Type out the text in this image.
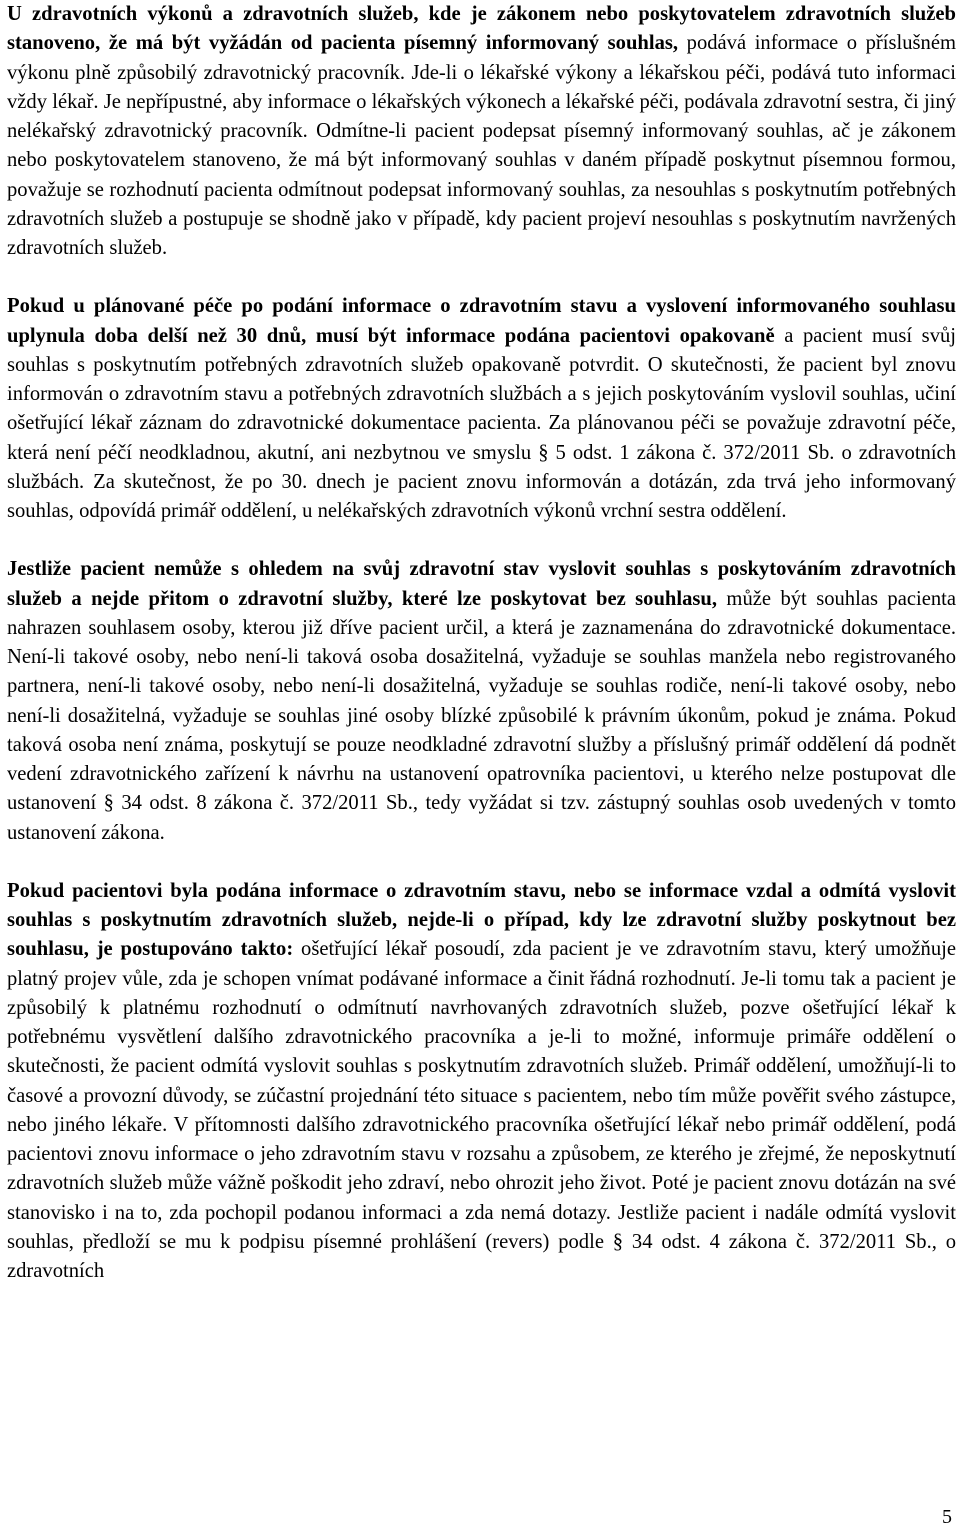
U zdravotních výkonů a zdravotních služeb, kde je zákonem nebo poskytovatelem zdravotních služeb stanoveno, že má být vyžádán od pacienta písemný informovaný souhlas, podává informace o příslušném výkonu plně způsobilý zdravotnický pracovník. Jde-li o lékařské výkony a lékařskou péči, podává tuto informaci vždy lékař. Je nepřípustné, aby informace o lékařských výkonech a lékařské péči, podávala zdravotní sestra, či jiný nelékařský zdravotnický pracovník. Odmítne-li pacient podepsat písemný informovaný souhlas, ač je zákonem nebo poskytovatelem stanoveno, že má být informovaný souhlas v daném případě poskytnut písemnou formou, považuje se rozhodnutí pacienta odmítnout podepsat informovaný souhlas, za nesouhlas s poskytnutím potřebných zdravotních služeb a postupuje se shodně jako v případě, kdy pacient projeví nesouhlas s poskytnutím navržených zdravotních služeb.

Pokud u plánované péče po podání informace o zdravotním stavu a vyslovení informovaného souhlasu uplynula doba delší než 30 dnů, musí být informace podána pacientovi opakovaně a pacient musí svůj souhlas s poskytnutím potřebných zdravotních služeb opakovaně potvrdit. O skutečnosti, že pacient byl znovu informován o zdravotním stavu a potřebných zdravotních službách a s jejich poskytováním vyslovil souhlas, učiní ošetřující lékař záznam do zdravotnické dokumentace pacienta. Za plánovanou péči se považuje zdravotní péče, která není péčí neodkladnou, akutní, ani nezbytnou ve smyslu § 5 odst. 1 zákona č. 372/2011 Sb. o zdravotních službách. Za skutečnost, že po 30. dnech je pacient znovu informován a dotázán, zda trvá jeho informovaný souhlas, odpovídá primář oddělení, u nelékařských zdravotních výkonů vrchní sestra oddělení.

Jestliže pacient nemůže s ohledem na svůj zdravotní stav vyslovit souhlas s poskytováním zdravotních služeb a nejde přitom o zdravotní služby, které lze poskytovat bez souhlasu, může být souhlas pacienta nahrazen souhlasem osoby, kterou již dříve pacient určil, a která je zaznamenána do zdravotnické dokumentace. Není-li takové osoby, nebo není-li taková osoba dosažitelná, vyžaduje se souhlas manžela nebo registrovaného partnera, není-li takové osoby, nebo není-li dosažitelná, vyžaduje se souhlas rodiče, není-li takové osoby, nebo není-li dosažitelná, vyžaduje se souhlas jiné osoby blízké způsobilé k právním úkonům, pokud je známa. Pokud taková osoba není známa, poskytují se pouze neodkladné zdravotní služby a příslušný primář oddělení dá podnět vedení zdravotnického zařízení k návrhu na ustanovení opatrovníka pacientovi, u kterého nelze postupovat dle ustanovení § 34 odst. 8 zákona č. 372/2011 Sb., tedy vyžádat si tzv. zástupný souhlas osob uvedených v tomto ustanovení zákona.

Pokud pacientovi byla podána informace o zdravotním stavu, nebo se informace vzdal a odmítá vyslovit souhlas s poskytnutím zdravotních služeb, nejde-li o případ, kdy lze zdravotní služby poskytnout bez souhlasu, je postupováno takto: ošetřující lékař posoudí, zda pacient je ve zdravotním stavu, který umožňuje platný projev vůle, zda je schopen vnímat podávané informace a činit řádná rozhodnutí. Je-li tomu tak a pacient je způsobilý k platnému rozhodnutí o odmítnutí navrhovaných zdravotních služeb, pozve ošetřující lékař k potřebnému vysvětlení dalšího zdravotnického pracovníka a je-li to možné, informuje primáře oddělení o skutečnosti, že pacient odmítá vyslovit souhlas s poskytnutím zdravotních služeb. Primář oddělení, umožňují-li to časové a provozní důvody, se zúčastní projednání této situace s pacientem, nebo tím může pověřit svého zástupce, nebo jiného lékaře. V přítomnosti dalšího zdravotnického pracovníka ošetřující lékař nebo primář oddělení, podá pacientovi znovu informace o jeho zdravotním stavu v rozsahu a způsobem, ze kterého je zřejmé, že neposkytnutí zdravotních služeb může vážně poškodit jeho zdraví, nebo ohrozit jeho život. Poté je pacient znovu dotázán na své stanovisko i na to, zda pochopil podanou informaci a zda nemá dotazy. Jestliže pacient i nadále odmítá vyslovit souhlas, předloží se mu k podpisu písemné prohlášení (revers) podle § 34 odst. 4 zákona č. 372/2011 Sb., o zdravotních

5
